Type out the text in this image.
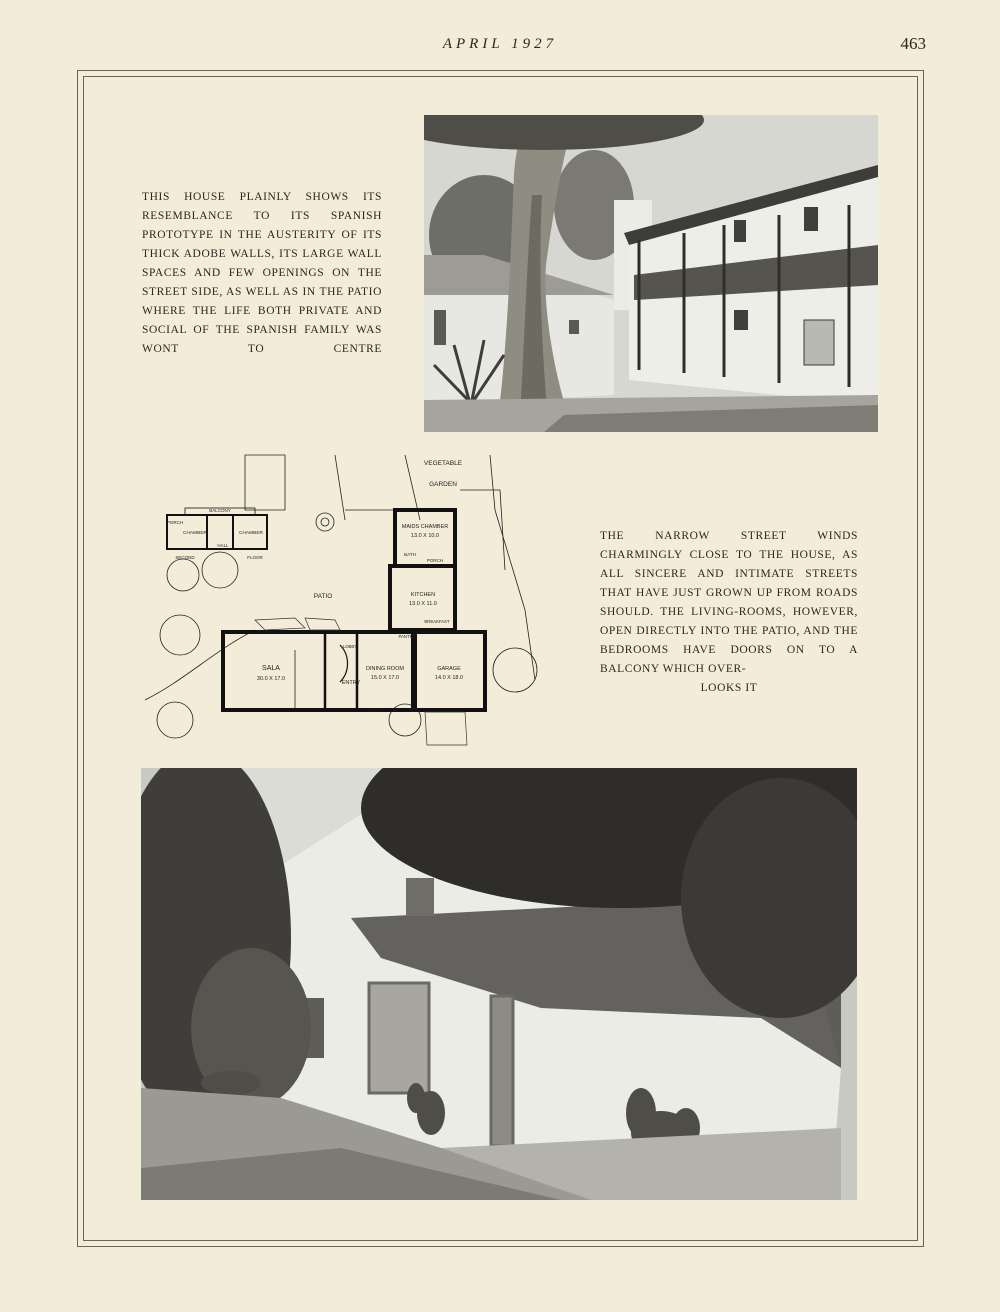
APRIL 1927	463

THIS HOUSE PLAINLY SHOWS ITS RESEMBLANCE TO ITS SPANISH PROTOTYPE IN THE AUSTERITY OF ITS THICK ADOBE WALLS, ITS LARGE WALL SPACES AND FEW OPENINGS ON THE STREET SIDE, AS WELL AS IN THE PATIO WHERE THE LIFE BOTH PRIVATE AND SOCIAL OF THE SPANISH FAMILY WAS WONT TO CENTRE

VEGETABLE
GARDEN
BALCONY
PORCH
CHAMBER	CHAMBER
HALL
SECOND	FLOOR
MAIDS CHAMBER
13.0 X 10.0
BATH
PORCH
KITCHEN
13.0 X 11.0
PATIO
SALA
30.0 X 17.0
ENTRY
DINING ROOM
15.0 X 17.0
GARAGE
14.0 X 18.0
BREAKFAST
PANTRY
LOBBY
SHELF
THE NARROW STREET WINDS CHARMINGLY CLOSE TO THE HOUSE, AS ALL SINCERE AND INTIMATE STREETS THAT HAVE JUST GROWN UP FROM ROADS SHOULD. THE LIVING-ROOMS, HOWEVER, OPEN DIRECTLY INTO THE PATIO, AND THE BEDROOMS HAVE DOORS ON TO A BALCONY WHICH OVER-
LOOKS IT
